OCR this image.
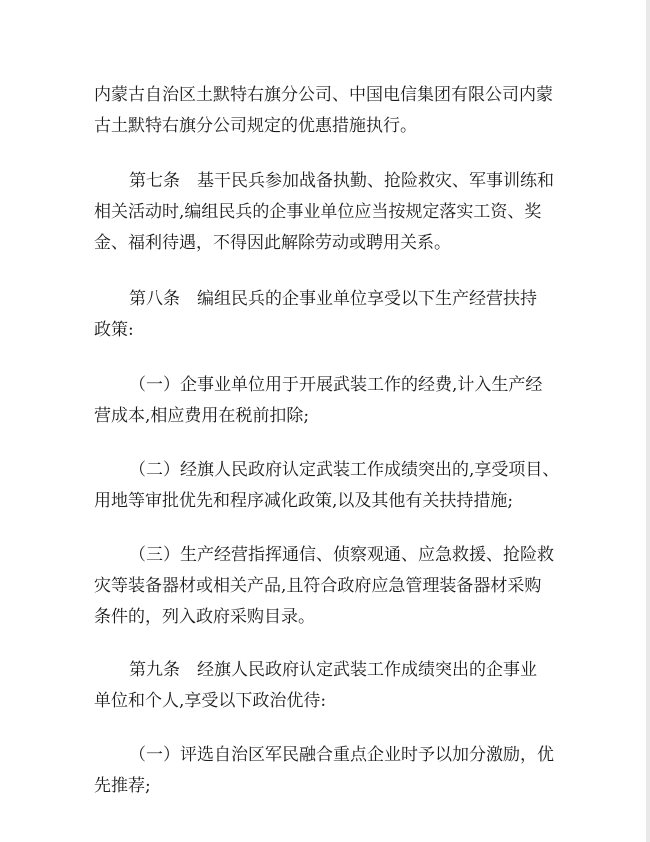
内蒙古自治区土默特右旗分公司、中国电信集团有限公司内蒙
古土默特右旗分公司规定的优惠措施执行。

第七条　基干民兵参加战备执勤、抢险救灾、军事训练和
相关活动时,编组民兵的企事业单位应当按规定落实工资、奖
金、福利待遇，不得因此解除劳动或聘用关系。

第八条　编组民兵的企事业单位享受以下生产经营扶持
政策:

（一）企事业单位用于开展武装工作的经费,计入生产经
营成本,相应费用在税前扣除;

（二）经旗人民政府认定武装工作成绩突出的,享受项目、
用地等审批优先和程序减化政策,以及其他有关扶持措施;

（三）生产经营指挥通信、侦察观通、应急救援、抢险救
灾等装备器材或相关产品,且符合政府应急管理装备器材采购
条件的，列入政府采购目录。

第九条　经旗人民政府认定武装工作成绩突出的企事业
单位和个人,享受以下政治优待:

（一）评选自治区军民融合重点企业时予以加分激励，优
先推荐;
